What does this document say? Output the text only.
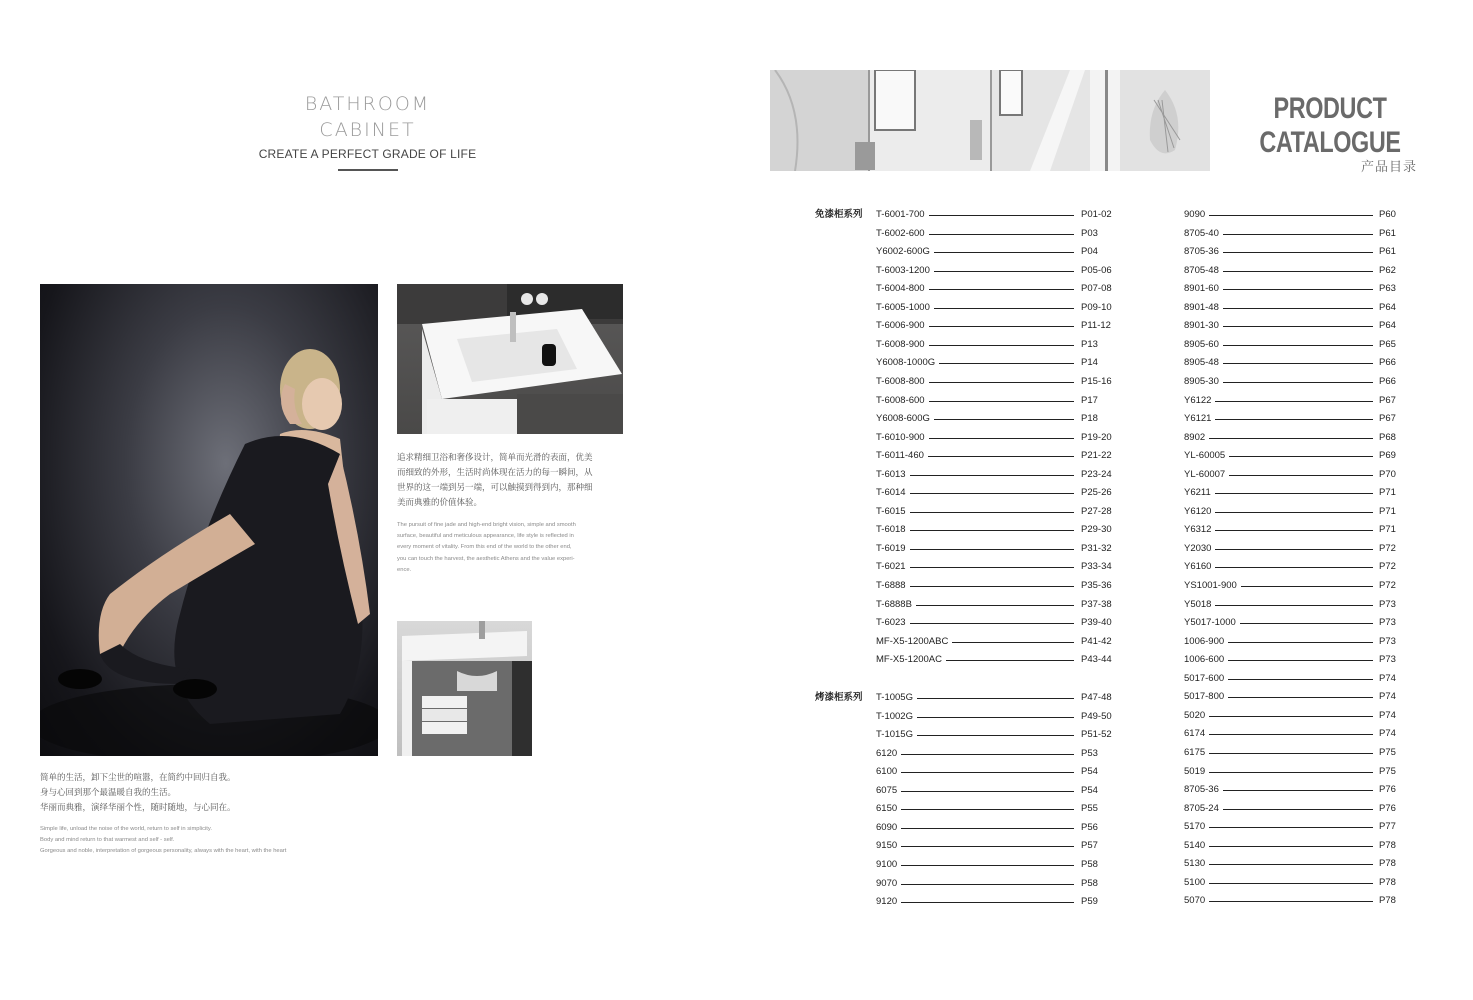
BATHROOM
CABINET
CREATE A PERFECT GRADE OF LIFE
追求精细卫浴和奢侈设计，简单而光滑的表面，优美
而细致的外形，生活时尚体现在活力的每一瞬间，从
世界的这一端到另一端，可以触摸到得到内，那种细
美而典雅的价值体验。
The pursuit of fine jade and high-end bright vision, simple and smooth
surface, beautiful and meticulous appearance, life style is reflected in
every moment of vitality. From this end of the world to the other end,
you can touch the harvest, the aesthetic Athens and the value experi-
ence.
简单的生活，卸下尘世的喧嚣，在简约中回归自我。
身与心回到那个最温暖自我的生活。
华丽而典雅，演绎华丽个性，随时随地，与心同在。
Simple life, unload the noise of the world, return to self in simplicity.
Body and mind return to that warmest and self - self.
Gorgeous and noble, interpretation of gorgeous personality, always with the heart, with the heart
PRODUCT CATALOGUE
产品目录
免漆柜系列
烤漆柜系列
T-6001-700	P01-02
T-6002-600	P03
Y6002-600G	P04
T-6003-1200	P05-06
T-6004-800	P07-08
T-6005-1000	P09-10
T-6006-900	P11-12
T-6008-900	P13
Y6008-1000G	P14
T-6008-800	P15-16
T-6008-600	P17
Y6008-600G	P18
T-6010-900	P19-20
T-6011-460	P21-22
T-6013	P23-24
T-6014	P25-26
T-6015	P27-28
T-6018	P29-30
T-6019	P31-32
T-6021	P33-34
T-6888	P35-36
T-6888B	P37-38
T-6023	P39-40
MF-X5-1200ABC	P41-42
MF-X5-1200AC	P43-44
T-1005G	P47-48
T-1002G	P49-50
T-1015G	P51-52
6120	P53
6100	P54
6075	P54
6150	P55
6090	P56
9150	P57
9100	P58
9070	P58
9120	P59
9090	P60
8705-40	P61
8705-36	P61
8705-48	P62
8901-60	P63
8901-48	P64
8901-30	P64
8905-60	P65
8905-48	P66
8905-30	P66
Y6122	P67
Y6121	P67
8902	P68
YL-60005	P69
YL-60007	P70
Y6211	P71
Y6120	P71
Y6312	P71
Y2030	P72
Y6160	P72
YS1001-900	P72
Y5018	P73
Y5017-1000	P73
1006-900	P73
1006-600	P73
5017-600	P74
5017-800	P74
5020	P74
6174	P74
6175	P75
5019	P75
8705-36	P76
8705-24	P76
5170	P77
5140	P78
5130	P78
5100	P78
5070	P78
